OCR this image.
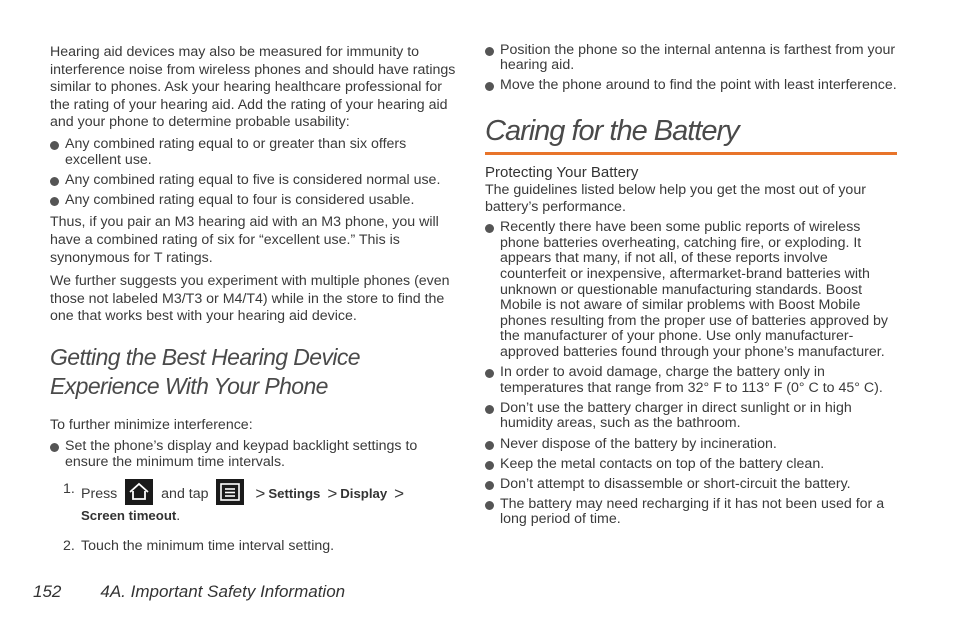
Hearing aid devices may also be measured for immunity to interference noise from wireless phones and should have ratings similar to phones. Ask your hearing healthcare professional for the rating of your hearing aid. Add the rating of your hearing aid and your phone to determine probable usability:

Any combined rating equal to or greater than six offers excellent use.
Any combined rating equal to five is considered normal use.
Any combined rating equal to four is considered usable.

Thus, if you pair an M3 hearing aid with an M3 phone, you will have a combined rating of six for “excellent use.” This is synonymous for T ratings.

We further suggests you experiment with multiple phones (even those not labeled M3/T3 or M4/T4) while in the store to find the one that works best with your hearing aid device.

Getting the Best Hearing Device
Experience With Your Phone

To further minimize interference:

Set the phone’s display and keypad backlight settings to ensure the minimum time intervals.
1. Press	and tap	> Settings > Display >
Screen timeout.
2. Touch the minimum time interval setting.
Position the phone so the internal antenna is farthest from your hearing aid.
Move the phone around to find the point with least interference.
Caring for the Battery
Protecting Your Battery

The guidelines listed below help you get the most out of your battery’s performance.

Recently there have been some public reports of wireless phone batteries overheating, catching fire, or exploding. It appears that many, if not all, of these reports involve counterfeit or inexpensive, aftermarket-brand batteries with unknown or questionable manufacturing standards. Boost Mobile is not aware of similar problems with Boost Mobile phones resulting from the proper use of batteries approved by the manufacturer of your phone. Use only manufacturer-approved batteries found through your phone’s manufacturer.
In order to avoid damage, charge the battery only in temperatures that range from 32° F to 113° F (0° C to 45° C).
Don’t use the battery charger in direct sunlight or in high humidity areas, such as the bathroom.
Never dispose of the battery by incineration.
Keep the metal contacts on top of the battery clean.
Don’t attempt to disassemble or short-circuit the battery.
The battery may need recharging if it has not been used for a long period of time.
152 4A. Important Safety Information
